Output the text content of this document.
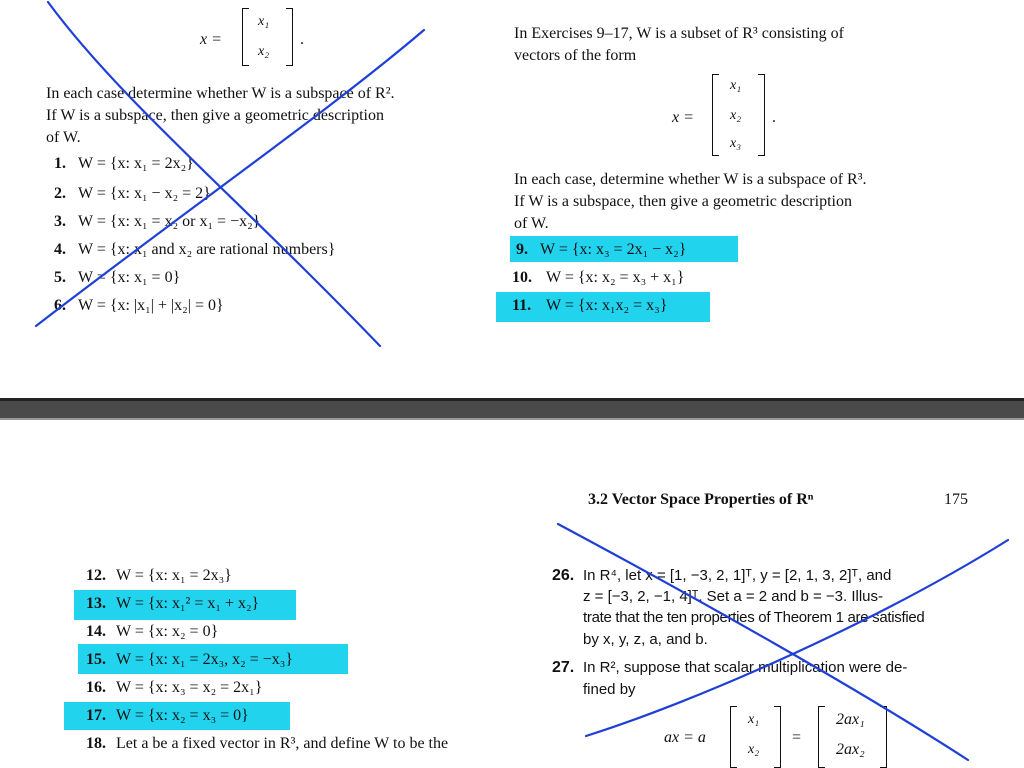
x =
x₁
x₂
.
In each case determine whether W is a subspace of R².
If W is a subspace, then give a geometric description
of W.
1. W = {x: x₁ = 2x₂}
2. W = {x: x₁ − x₂ = 2}
3. W = {x: x₁ = x₂ or x₁ = −x₂}
4. W = {x: x₁ and x₂ are rational numbers}
5. W = {x: x₁ = 0}
6. W = {x: |x₁| + |x₂| = 0}
In Exercises 9–17, W is a subset of R³ consisting of
vectors of the form
x =
x₁
x₂
x₃
.
In each case, determine whether W is a subspace of R³.
If W is a subspace, then give a geometric description
of W.
9. W = {x: x₃ = 2x₁ − x₂}
10. W = {x: x₂ = x₃ + x₁}
11. W = {x: x₁x₂ = x₃}
3.2 Vector Space Properties of Rⁿ	175
12. W = {x: x₁ = 2x₃}
13. W = {x: x₁² = x₁ + x₂}
14. W = {x: x₂ = 0}
15. W = {x: x₁ = 2x₃, x₂ = −x₃}
16. W = {x: x₃ = x₂ = 2x₁}
17. W = {x: x₂ = x₃ = 0}
18. Let a be a fixed vector in R³, and define W to be the
26. In R⁴, let x = [1, −3, 2, 1]ᵀ, y = [2, 1, 3, 2]ᵀ, and
z = [−3, 2, −1, 4]ᵀ. Set a = 2 and b = −3. Illus-
trate that the ten properties of Theorem 1 are satisfied
by x, y, z, a, and b.
27. In R², suppose that scalar multiplication were de-
fined by
ax = a
x₁
x₂
=
2ax₁
2ax₂
